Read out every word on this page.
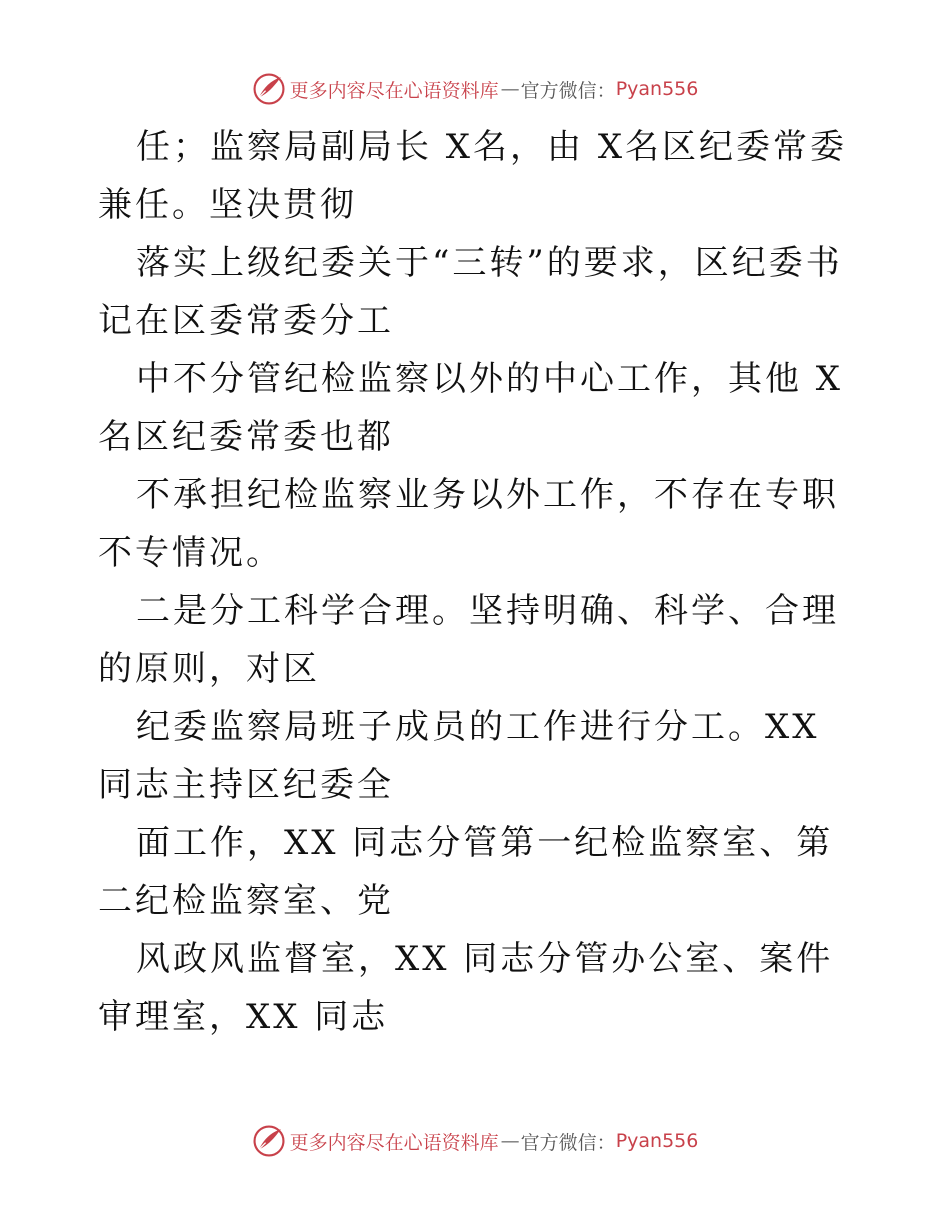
更多内容尽在心语资料库 — 官方微信： Pyan556

任；监察局副局长 X名，由 X名区纪委常委兼任。坚决贯彻

落实上级纪委关于“三转”的要求，区纪委书记在区委常委分工

中不分管纪检监察以外的中心工作，其他 X名区纪委常委也都

不承担纪检监察业务以外工作，不存在专职不专情况。

二是分工科学合理。坚持明确、科学、合理的原则，对区

纪委监察局班子成员的工作进行分工。XX 同志主持区纪委全

面工作，XX 同志分管第一纪检监察室、第二纪检监察室、党

风政风监督室，XX 同志分管办公室、案件审理室，XX 同志

更多内容尽在心语资料库 — 官方微信： Pyan556
